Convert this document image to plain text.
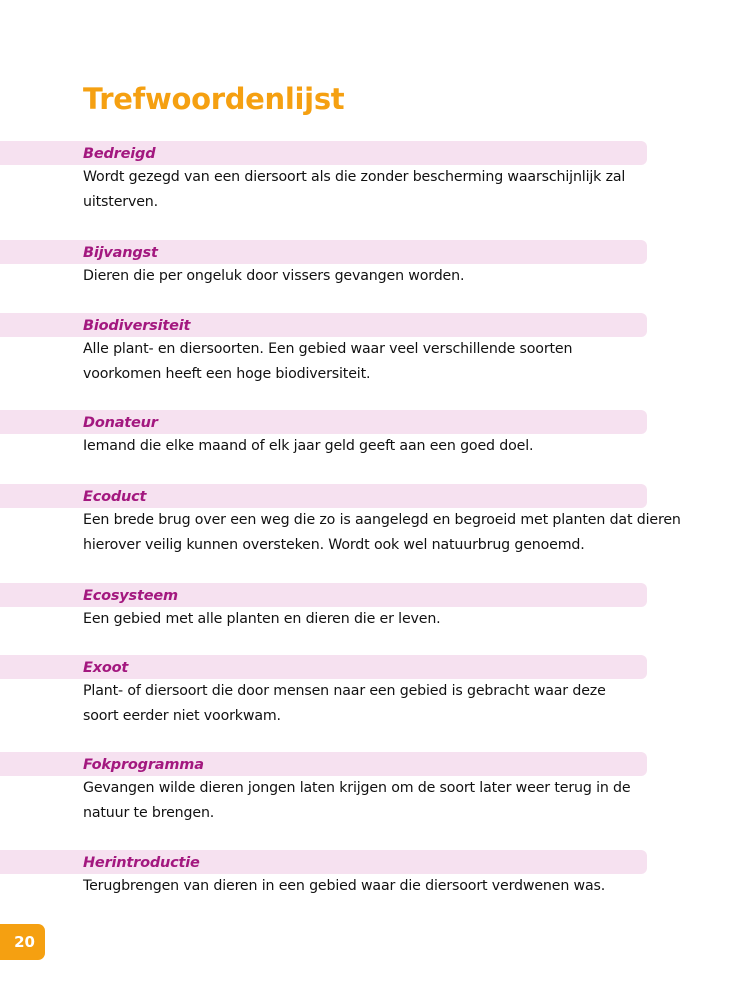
Trefwoordenlijst
Bedreigd

Wordt gezegd van een diersoort als die zonder bescherming waarschijnlijk zal uitsterven.

Bijvangst

Dieren die per ongeluk door vissers gevangen worden.

Biodiversiteit

Alle plant- en diersoorten. Een gebied waar veel verschillende soorten voorkomen heeft een hoge biodiversiteit.

Donateur

Iemand die elke maand of elk jaar geld geeft aan een goed doel.

Ecoduct

Een brede brug over een weg die zo is aangelegd en begroeid met planten dat dieren hierover veilig kunnen oversteken. Wordt ook wel natuurbrug genoemd.

Ecosysteem

Een gebied met alle planten en dieren die er leven.

Exoot

Plant- of diersoort die door mensen naar een gebied is gebracht waar deze soort eerder niet voorkwam.

Fokprogramma

Gevangen wilde dieren jongen laten krijgen om de soort later weer terug in de natuur te brengen.

Herintroductie

Terugbrengen van dieren in een gebied waar die diersoort verdwenen was.

20
